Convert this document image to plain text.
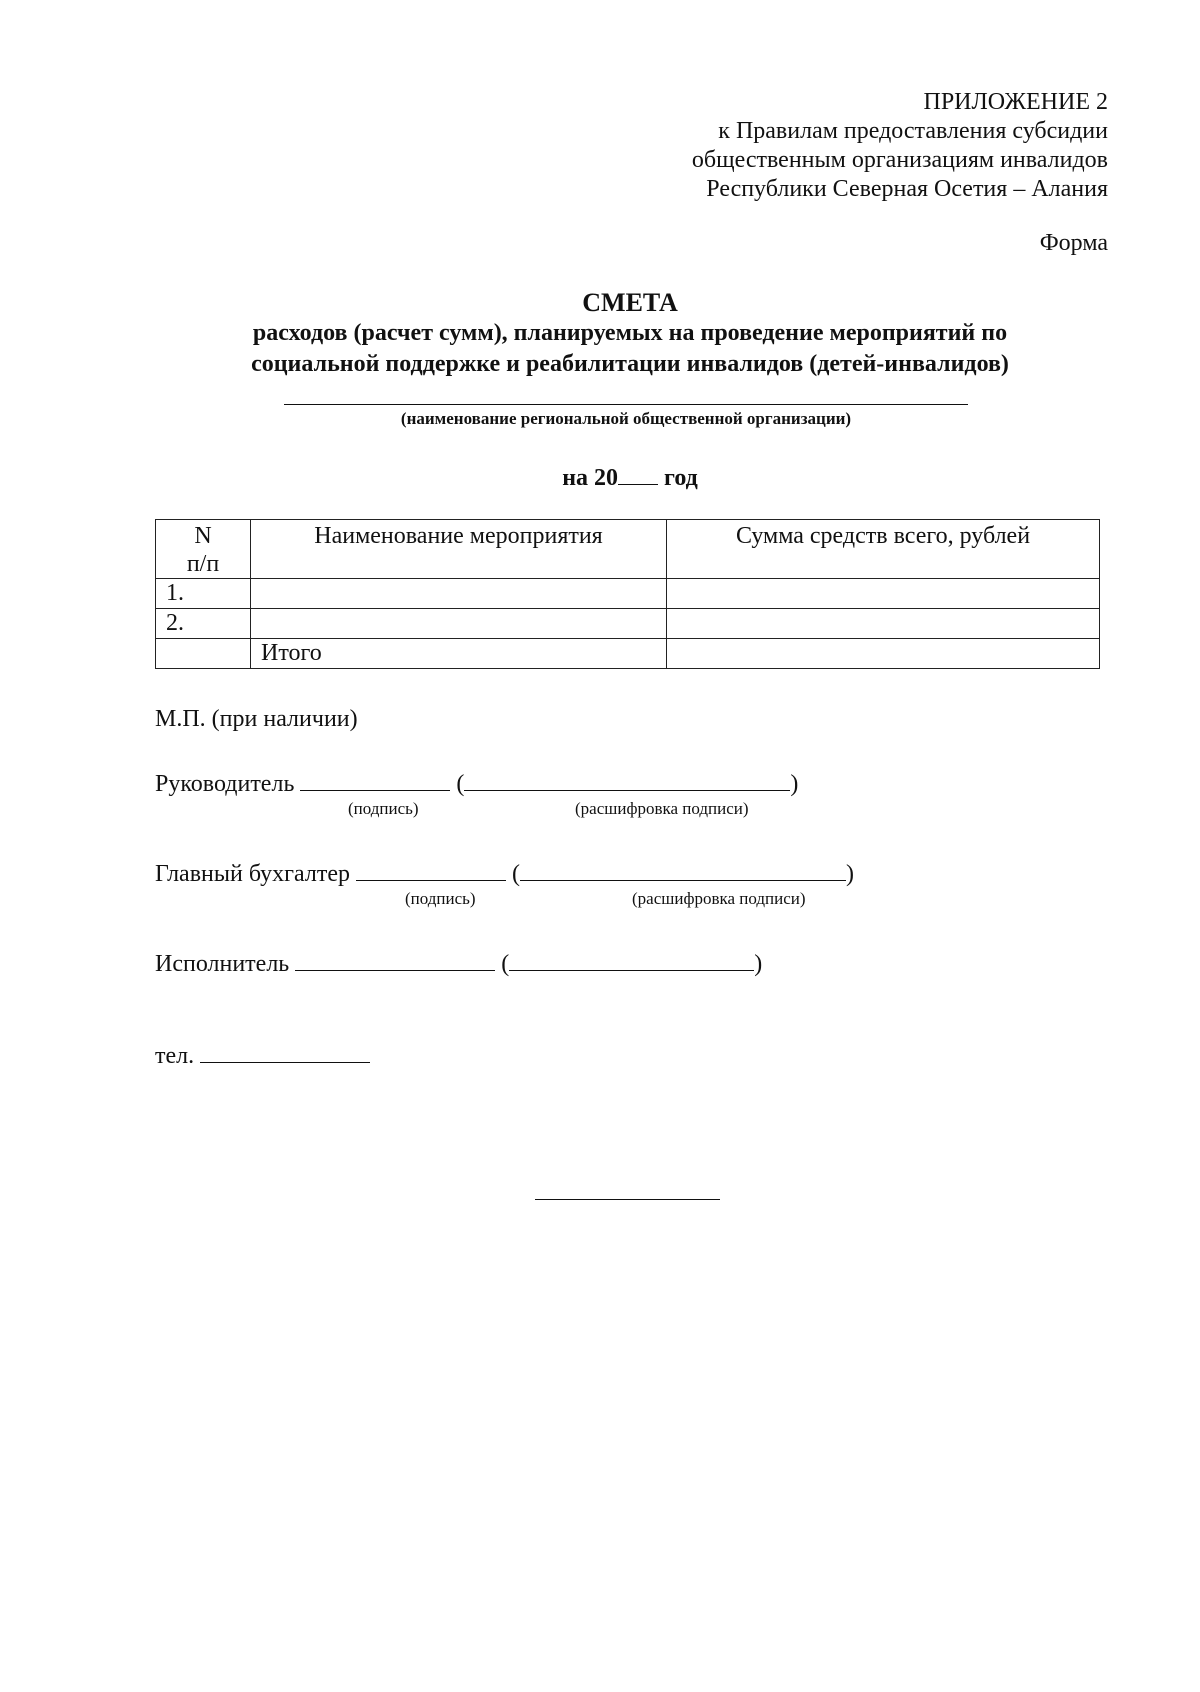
ПРИЛОЖЕНИЕ 2
к Правилам предоставления субсидии
общественным организациям инвалидов
Республики Северная Осетия – Алания
Форма
СМЕТА
расходов (расчет сумм), планируемых на проведение мероприятий по
социальной поддержке и реабилитации инвалидов (детей-инвалидов)
(наименование региональной общественной организации)
на 20 год
N
п/п	Наименование мероприятия	Сумма средств всего, рублей
1.		
2.		
	Итого	
М.П. (при наличии)
Руководитель	(	)
(подпись)	(расшифровка подписи)
Главный бухгалтер	(	)
(подпись)	(расшифровка подписи)
Исполнитель	(	)
тел.
